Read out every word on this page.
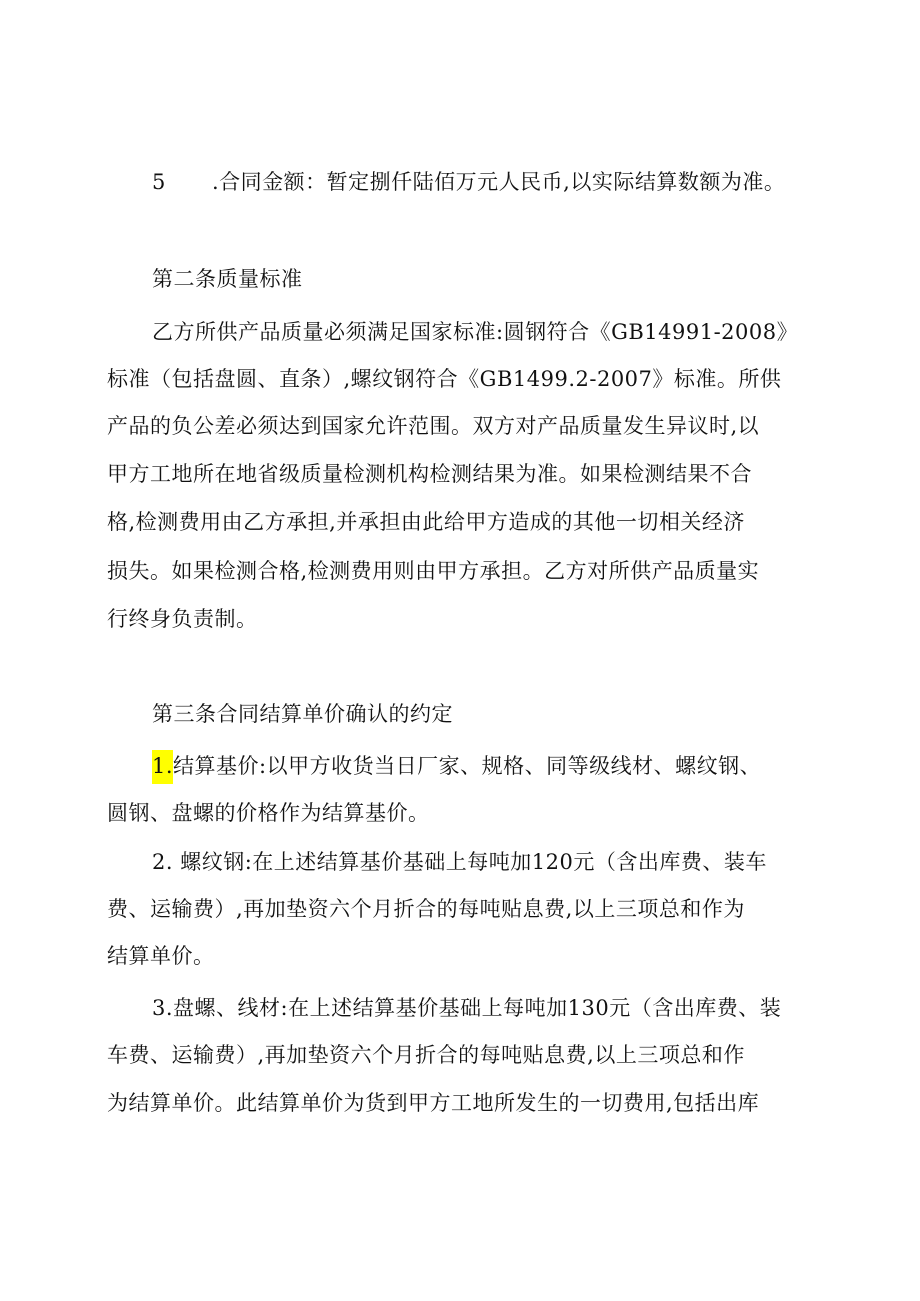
5 .合同金额：暂定捌仟陆佰万元人民币,以实际结算数额为准。
第二条质量标准
乙方所供产品质量必须满足国家标准:圆钢符合《GB14991-2008》
标准（包括盘圆、直条）,螺纹钢符合《GB1499.2-2007》标准。所供
产品的负公差必须达到国家允许范围。双方对产品质量发生异议时,以
甲方工地所在地省级质量检测机构检测结果为准。如果检测结果不合
格,检测费用由乙方承担,并承担由此给甲方造成的其他一切相关经济
损失。如果检测合格,检测费用则由甲方承担。乙方对所供产品质量实
行终身负责制。
第三条合同结算单价确认的约定
1.结算基价:以甲方收货当日厂家、规格、同等级线材、螺纹钢、
圆钢、盘螺的价格作为结算基价。
2. 螺纹钢:在上述结算基价基础上每吨加120元（含出库费、装车
费、运输费）,再加垫资六个月折合的每吨贴息费,以上三项总和作为
结算单价。
3.盘螺、线材:在上述结算基价基础上每吨加130元（含出库费、装
车费、运输费）,再加垫资六个月折合的每吨贴息费,以上三项总和作
为结算单价。此结算单价为货到甲方工地所发生的一切费用,包括出库
